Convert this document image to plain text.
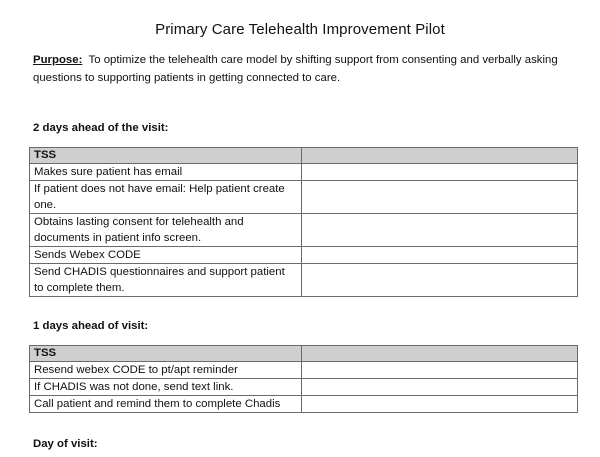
Primary Care Telehealth Improvement Pilot
Purpose: To optimize the telehealth care model by shifting support from consenting and verbally asking questions to supporting patients in getting connected to care.
2 days ahead of the visit:
TSS	
Makes sure patient has email	
If patient does not have email: Help patient create one.	
Obtains lasting consent for telehealth and documents in patient info screen.	
Sends Webex CODE	
Send CHADIS questionnaires and support patient to complete them.	
1 days ahead of visit:
TSS	
Resend webex CODE to pt/apt reminder	
If CHADIS was not done, send text link.	
Call patient and remind them to complete Chadis	
Day of visit:
